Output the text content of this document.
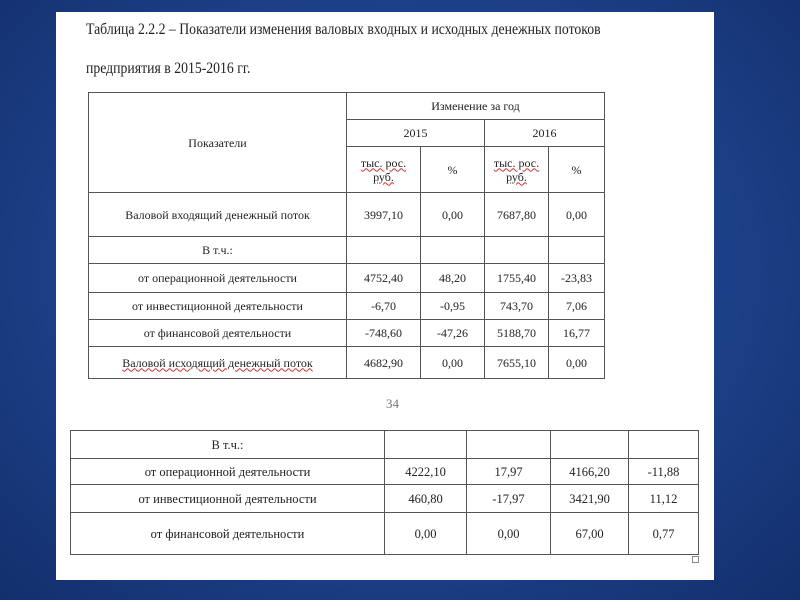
Таблица 2.2.2 – Показатели изменения валовых входных и исходных денежных потоков
предприятия в 2015-2016 гг.
Показатели	Изменение за год			
	2015		2016	
	тыс. рос. руб.	%	тыс. рос. руб.	%
Валовой входящий денежный поток	3997,10	0,00	7687,80	0,00
В т.ч.:				
от операционной деятельности	4752,40	48,20	1755,40	-23,83
от инвестиционной деятельности	-6,70	-0,95	743,70	7,06
от финансовой деятельности	-748,60	-47,26	5188,70	16,77
Валовой исходящий денежный поток	4682,90	0,00	7655,10	0,00
34
В т.ч.:				
от операционной деятельности	4222,10	17,97	4166,20	-11,88
от инвестиционной деятельности	460,80	-17,97	3421,90	11,12
от финансовой деятельности	0,00	0,00	67,00	0,77
